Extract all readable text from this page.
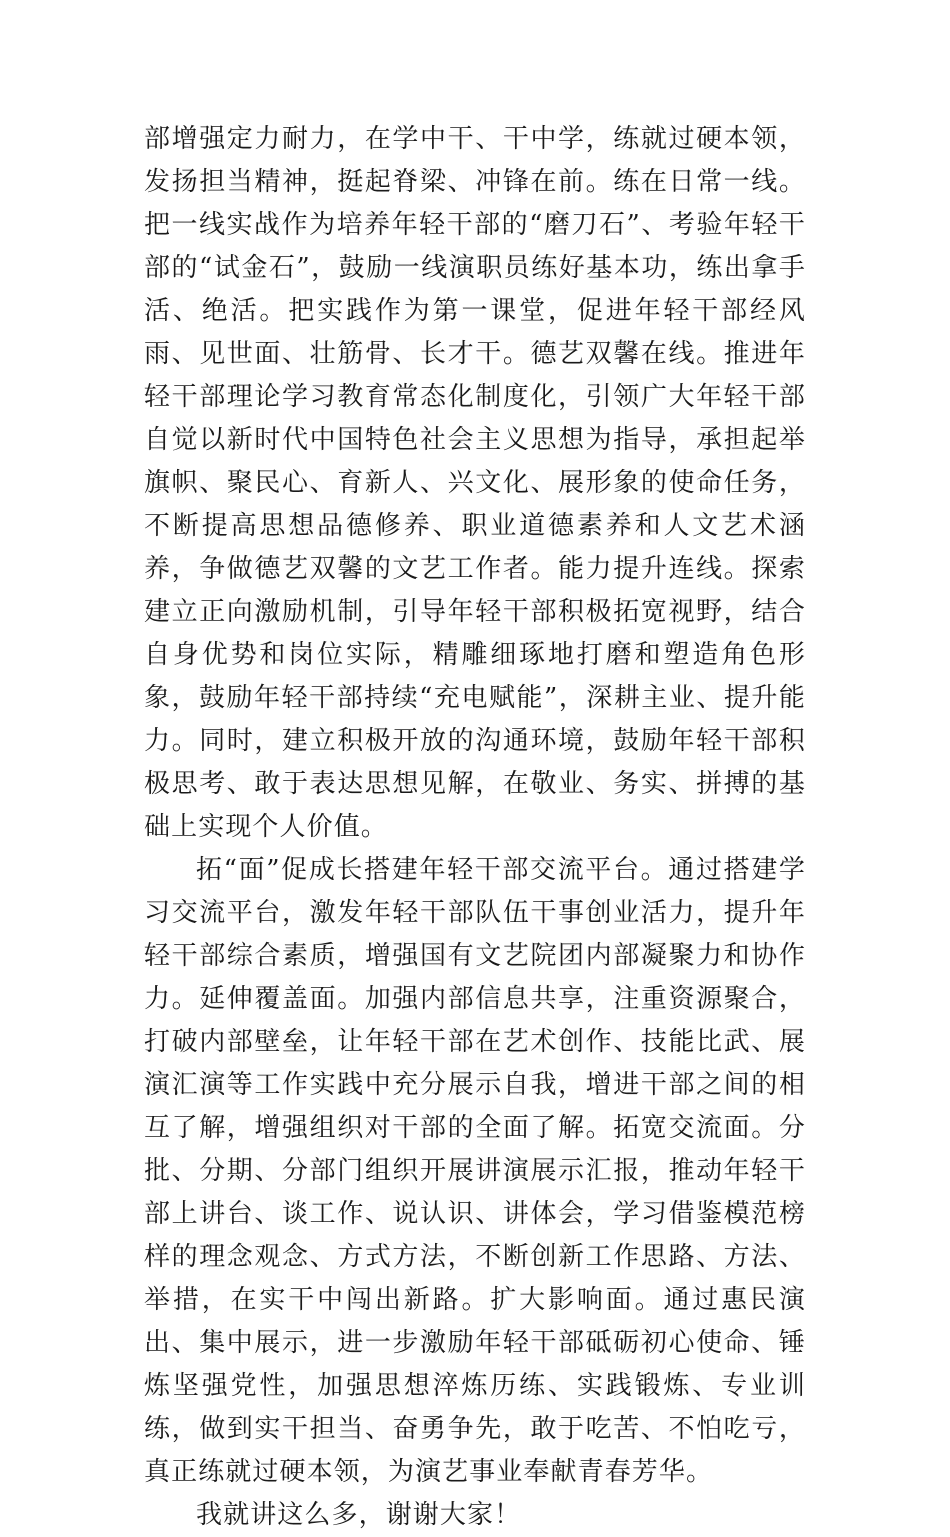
部增强定力耐力，在学中干、干中学，练就过硬本领，发扬担当精神，挺起脊梁、冲锋在前。练在日常一线。把一线实战作为培养年轻干部的“磨刀石”、考验年轻干部的“试金石”，鼓励一线演职员练好基本功，练出拿手活、绝活。把实践作为第一课堂，促进年轻干部经风雨、见世面、壮筋骨、长才干。德艺双馨在线。推进年轻干部理论学习教育常态化制度化，引领广大年轻干部自觉以新时代中国特色社会主义思想为指导，承担起举旗帜、聚民心、育新人、兴文化、展形象的使命任务，不断提高思想品德修养、职业道德素养和人文艺术涵养，争做德艺双馨的文艺工作者。能力提升连线。探索建立正向激励机制，引导年轻干部积极拓宽视野，结合自身优势和岗位实际，精雕细琢地打磨和塑造角色形象，鼓励年轻干部持续“充电赋能”，深耕主业、提升能力。同时，建立积极开放的沟通环境，鼓励年轻干部积极思考、敢于表达思想见解，在敬业、务实、拼搏的基础上实现个人价值。

拓“面”促成长搭建年轻干部交流平台。通过搭建学习交流平台，激发年轻干部队伍干事创业活力，提升年轻干部综合素质，增强国有文艺院团内部凝聚力和协作力。延伸覆盖面。加强内部信息共享，注重资源聚合，打破内部壁垒，让年轻干部在艺术创作、技能比武、展演汇演等工作实践中充分展示自我，增进干部之间的相互了解，增强组织对干部的全面了解。拓宽交流面。分批、分期、分部门组织开展讲演展示汇报，推动年轻干部上讲台、谈工作、说认识、讲体会，学习借鉴模范榜样的理念观念、方式方法，不断创新工作思路、方法、举措，在实干中闯出新路。扩大影响面。通过惠民演出、集中展示，进一步激励年轻干部砥砺初心使命、锤炼坚强党性，加强思想淬炼历练、实践锻炼、专业训练，做到实干担当、奋勇争先，敢于吃苦、不怕吃亏，真正练就过硬本领，为演艺事业奉献青春芳华。

我就讲这么多，谢谢大家！
